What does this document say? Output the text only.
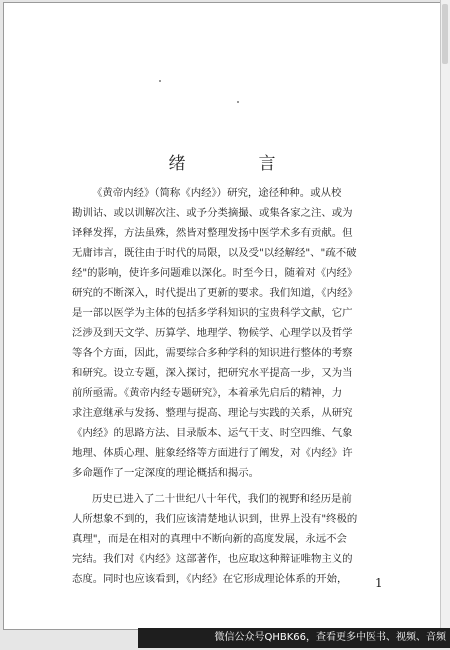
绪　言
《黄帝内经》（简称《内经》）研究，途径种种。或从校
勘训诂、或以训解次注、或予分类摘撮、或集各家之注、或为
译释发挥，方法虽殊，然皆对整理发扬中医学术多有贡献。但
无庸讳言，既往由于时代的局限，以及受"以经解经"、"疏不破
经"的影响，使许多问题难以深化。时至今日，随着对《内经》
研究的不断深入，时代提出了更新的要求。我们知道，《内经》
是一部以医学为主体的包括多学科知识的宝贵科学文献，它广
泛涉及到天文学、历算学、地理学、物候学、心理学以及哲学
等各个方面，因此，需要综合多种学科的知识进行整体的考察
和研究。设立专题，深入探讨，把研究水平提高一步，又为当
前所亟需。《黄帝内经专题研究》，本着承先启后的精神，力
求注意继承与发扬、整理与提高、理论与实践的关系，从研究
《内经》的思路方法、目录版本、运气干支、时空四维、气象
地理、体质心理、脏象经络等方面进行了阐发，对《内经》许
多命题作了一定深度的理论概括和揭示。
历史已进入了二十世纪八十年代，我们的视野和经历是前
人所想象不到的，我们应该清楚地认识到，世界上没有"终极的
真理"，而是在相对的真理中不断向新的高度发展，永远不会
完结。我们对《内经》这部著作，也应取这种辩证唯物主义的
态度。同时也应该看到，《内经》在它形成理论体系的开始，	1
微信公众号QHBK66，查看更多中医书、视频、音频
